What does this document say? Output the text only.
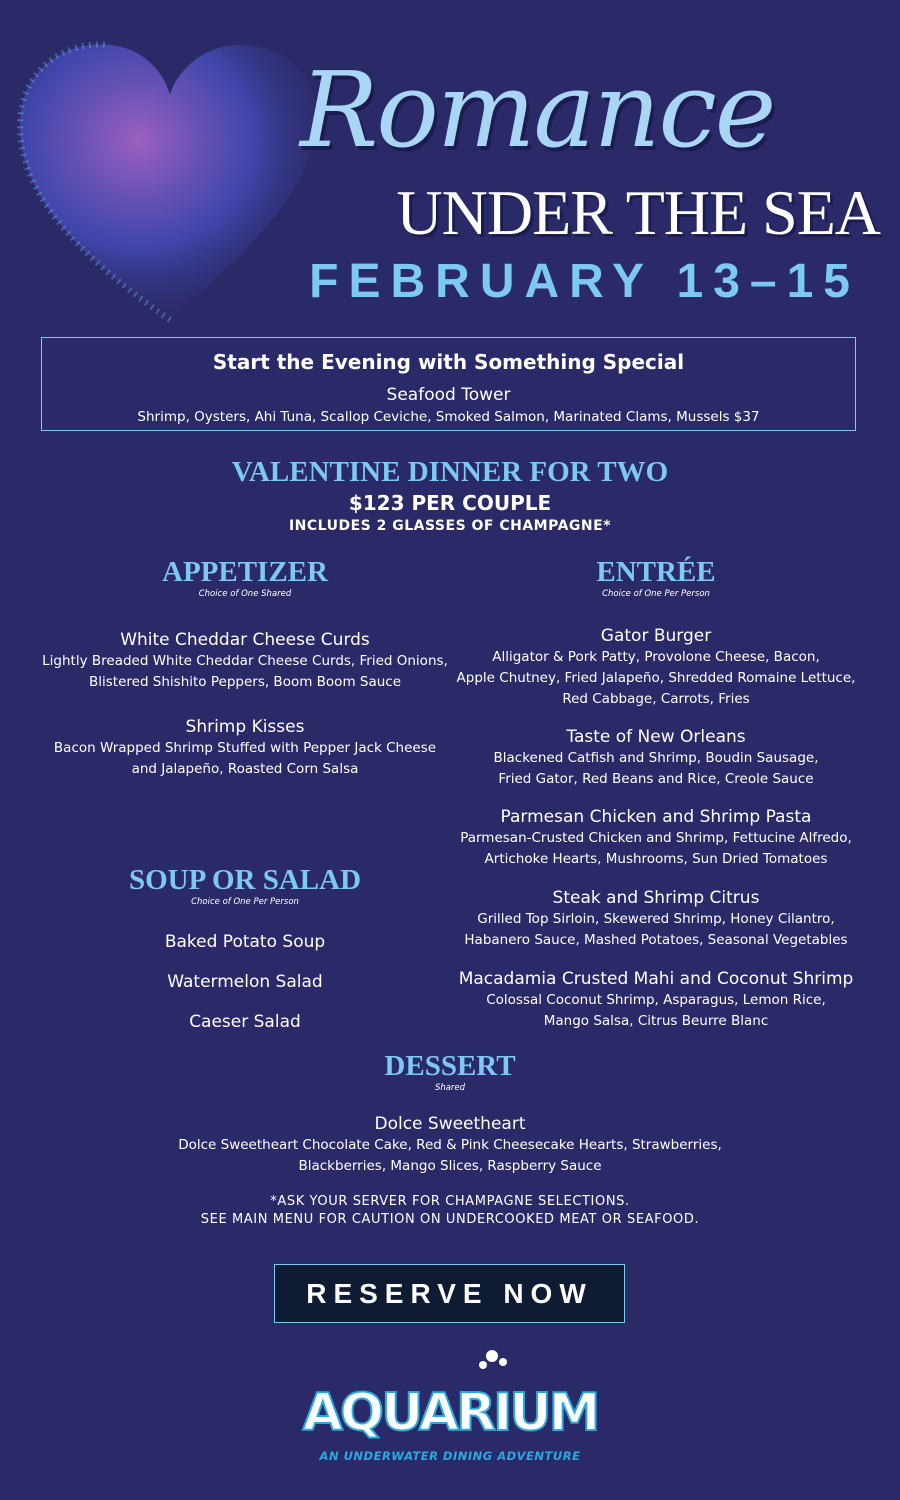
Romance
UNDER THE SEA
FEBRUARY 13–15
Start the Evening with Something Special
Seafood Tower
Shrimp, Oysters, Ahi Tuna, Scallop Ceviche, Smoked Salmon, Marinated Clams, Mussels $37
VALENTINE DINNER FOR TWO
$123 PER COUPLE
INCLUDES 2 GLASSES OF CHAMPAGNE*
APPETIZER
Choice of One Shared
White Cheddar Cheese Curds
Lightly Breaded White Cheddar Cheese Curds, Fried Onions,
Blistered Shishito Peppers, Boom Boom Sauce
Shrimp Kisses
Bacon Wrapped Shrimp Stuffed with Pepper Jack Cheese
and Jalapeño, Roasted Corn Salsa
SOUP OR SALAD
Choice of One Per Person
Baked Potato Soup
Watermelon Salad
Caeser Salad
ENTRÉE
Choice of One Per Person
Gator Burger
Alligator & Pork Patty, Provolone Cheese, Bacon,
Apple Chutney, Fried Jalapeño, Shredded Romaine Lettuce,
Red Cabbage, Carrots, Fries
Taste of New Orleans
Blackened Catfish and Shrimp, Boudin Sausage,
Fried Gator, Red Beans and Rice, Creole Sauce
Parmesan Chicken and Shrimp Pasta
Parmesan-Crusted Chicken and Shrimp, Fettucine Alfredo,
Artichoke Hearts, Mushrooms, Sun Dried Tomatoes
Steak and Shrimp Citrus
Grilled Top Sirloin, Skewered Shrimp, Honey Cilantro,
Habanero Sauce, Mashed Potatoes, Seasonal Vegetables
Macadamia Crusted Mahi and Coconut Shrimp
Colossal Coconut Shrimp, Asparagus, Lemon Rice,
Mango Salsa, Citrus Beurre Blanc
DESSERT
Shared
Dolce Sweetheart
Dolce Sweetheart Chocolate Cake, Red & Pink Cheesecake Hearts, Strawberries,
Blackberries, Mango Slices, Raspberry Sauce
*ASK YOUR SERVER FOR CHAMPAGNE SELECTIONS.
SEE MAIN MENU FOR CAUTION ON UNDERCOOKED MEAT OR SEAFOOD.
RESERVE NOW
AQUARIUM
AN UNDERWATER DINING ADVENTURE
